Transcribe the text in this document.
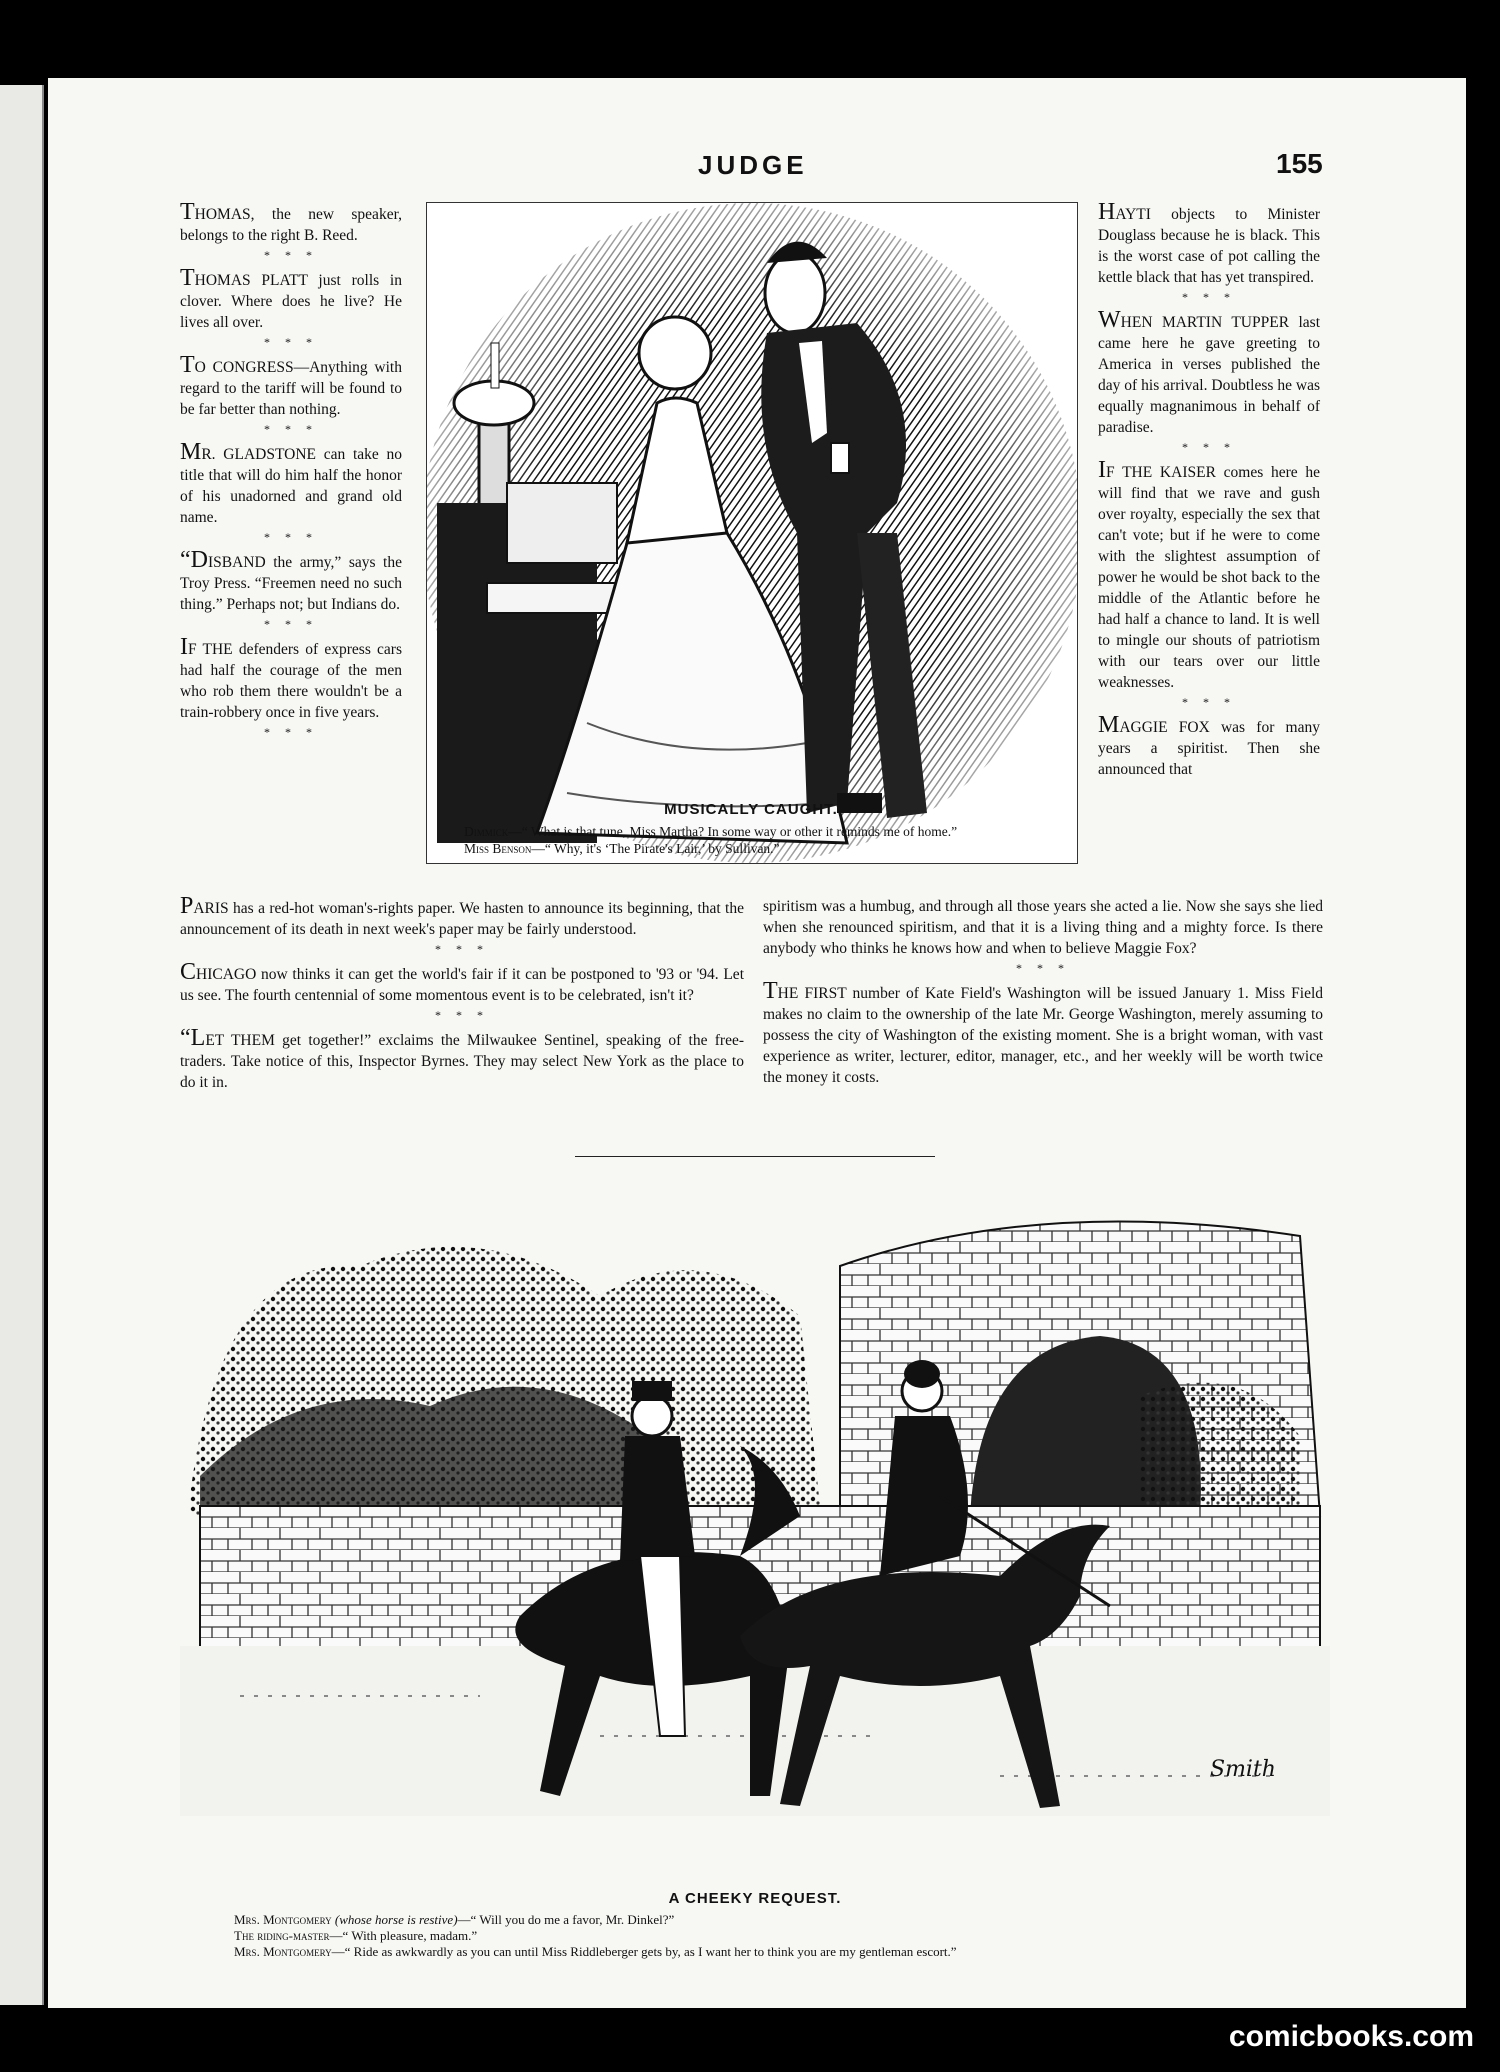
JUDGE	155

THOMAS, the new speaker, belongs to the right B. Reed.

* * *

THOMAS PLATT just rolls in clover. Where does he live? He lives all over.

* * *

TO CONGRESS—Anything with regard to the tariff will be found to be far better than nothing.

* * *

MR. GLADSTONE can take no title that will do him half the honor of his unadorned and grand old name.

* * *

“DISBAND the army,” says the Troy Press. “Freemen need no such thing.” Perhaps not; but Indians do.

* * *

IF THE defenders of express cars had half the courage of the men who rob them there wouldn't be a train-robbery once in five years.

* * *

HAYTI objects to Minister Douglass because he is black. This is the worst case of pot calling the kettle black that has yet transpired.

* * *

WHEN MARTIN TUPPER last came here he gave greeting to America in verses published the day of his arrival. Doubtless he was equally magnanimous in behalf of paradise.

* * *

IF THE KAISER comes here he will find that we rave and gush over royalty, especially the sex that can't vote; but if he were to come with the slightest assumption of power he would be shot back to the middle of the Atlantic before he had half a chance to land. It is well to mingle our shouts of patriotism with our tears over our little weaknesses.

* * *

MAGGIE FOX was for many years a spiritist. Then she announced that

MUSICALLY CAUGHT.

Dimmick—“ What is that tune, Miss Martha? In some way or other it reminds me of home.”

Miss Benson—“ Why, it's ‘The Pirate's Lair,’ by Sullivan.”

PARIS has a red-hot woman's-rights paper. We hasten to announce its beginning, that the announcement of its death in next week's paper may be fairly understood.

* * *

CHICAGO now thinks it can get the world's fair if it can be postponed to '93 or '94. Let us see. The fourth centennial of some momentous event is to be celebrated, isn't it?

* * *

“LET THEM get together!” exclaims the Milwaukee Sentinel, speaking of the free-traders. Take notice of this, Inspector Byrnes. They may select New York as the place to do it in.

spiritism was a humbug, and through all those years she acted a lie. Now she says she lied when she renounced spiritism, and that it is a living thing and a mighty force. Is there anybody who thinks he knows how and when to believe Maggie Fox?

* * *

THE FIRST number of Kate Field's Washington will be issued January 1. Miss Field makes no claim to the ownership of the late Mr. George Washington, merely assuming to possess the city of Washington of the existing moment. She is a bright woman, with vast experience as writer, lecturer, editor, manager, etc., and her weekly will be worth twice the money it costs.

Smith
A CHEEKY REQUEST.

Mrs. Montgomery (whose horse is restive)—“ Will you do me a favor, Mr. Dinkel?”

The riding-master—“ With pleasure, madam.”

Mrs. Montgomery—“ Ride as awkwardly as you can until Miss Riddleberger gets by, as I want her to think you are my gentleman escort.”

comicbooks.com
